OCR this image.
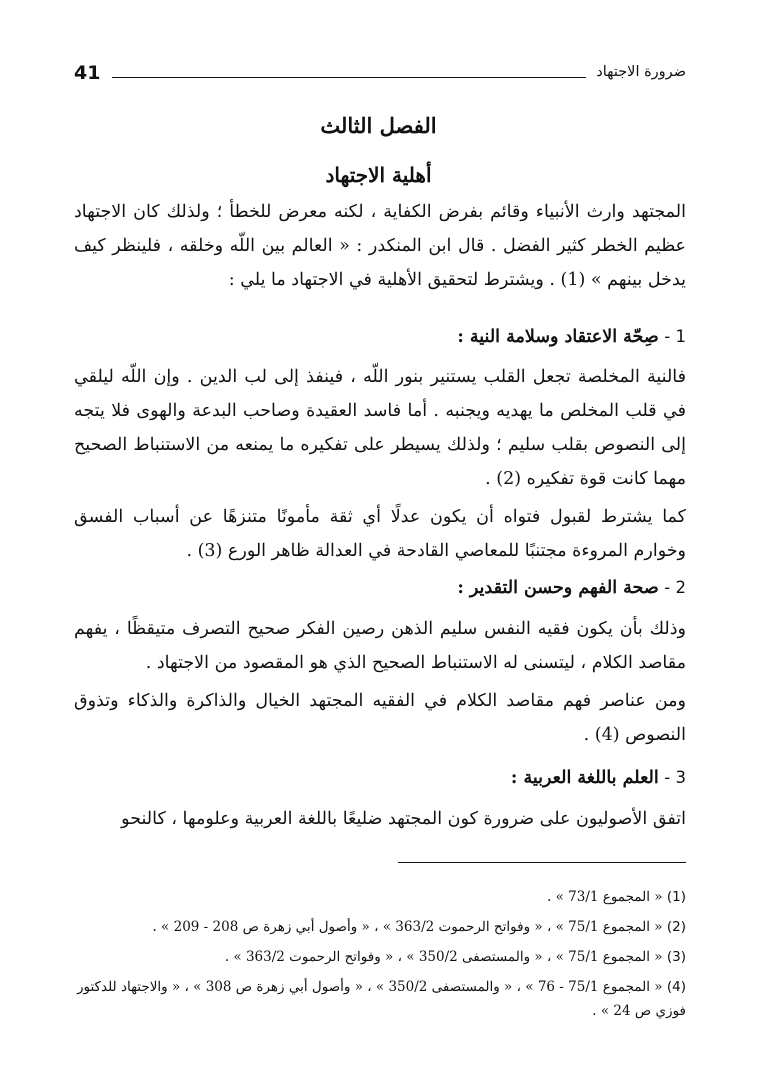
41	ضرورة الاجتهاد
الفصل الثالث
أهلية الاجتهاد

المجتهد وارث الأنبياء وقائم بفرض الكفاية ، لكنه معرض للخطأ ؛ ولذلك كان الاجتهاد عظيم الخطر كثير الفضل . قال ابن المنكدر : « العالم بين اللّه وخلقه ، فلينظر كيف يدخل بينهم » (1) . ويشترط لتحقيق الأهلية في الاجتهاد ما يلي :

1 - صِحّة الاعتقاد وسلامة النية :

فالنية المخلصة تجعل القلب يستنير بنور اللّه ، فينفذ إلى لب الدين . وإن اللّه ليلقي في قلب المخلص ما يهديه ويجنبه . أما فاسد العقيدة وصاحب البدعة والهوى فلا يتجه إلى النصوص بقلب سليم ؛ ولذلك يسيطر على تفكيره ما يمنعه من الاستنباط الصحيح مهما كانت قوة تفكيره (2) .

كما يشترط لقبول فتواه أن يكون عدلًا أي ثقة مأمونًا متنزهًا عن أسباب الفسق وخوارم المروءة مجتنبًا للمعاصي القادحة في العدالة ظاهر الورع (3) .

2 - صحة الفهم وحسن التقدير :

وذلك بأن يكون فقيه النفس سليم الذهن رصين الفكر صحيح التصرف متيقظًا ، يفهم مقاصد الكلام ، ليتسنى له الاستنباط الصحيح الذي هو المقصود من الاجتهاد .

ومن عناصر فهم مقاصد الكلام في الفقيه المجتهد الخيال والذاكرة والذكاء وتذوق النصوص (4) .

3 - العلم باللغة العربية :

اتفق الأصوليون على ضرورة كون المجتهد ضليعًا باللغة العربية وعلومها ، كالنحو

(1) « المجموع 73/1 » .
(2) « المجموع 75/1 » ، « وفواتح الرحموت 363/2 » ، « وأصول أبي زهرة ص 208 - 209 » .
(3) « المجموع 75/1 » ، « والمستصفى 350/2 » ، « وفواتح الرحموت 363/2 » .
(4) « المجموع 75/1 - 76 » ، « والمستصفى 350/2 » ، « وأصول أبي زهرة ص 308 » ، « والاجتهاد للدكتور فوزي ص 24 » .
